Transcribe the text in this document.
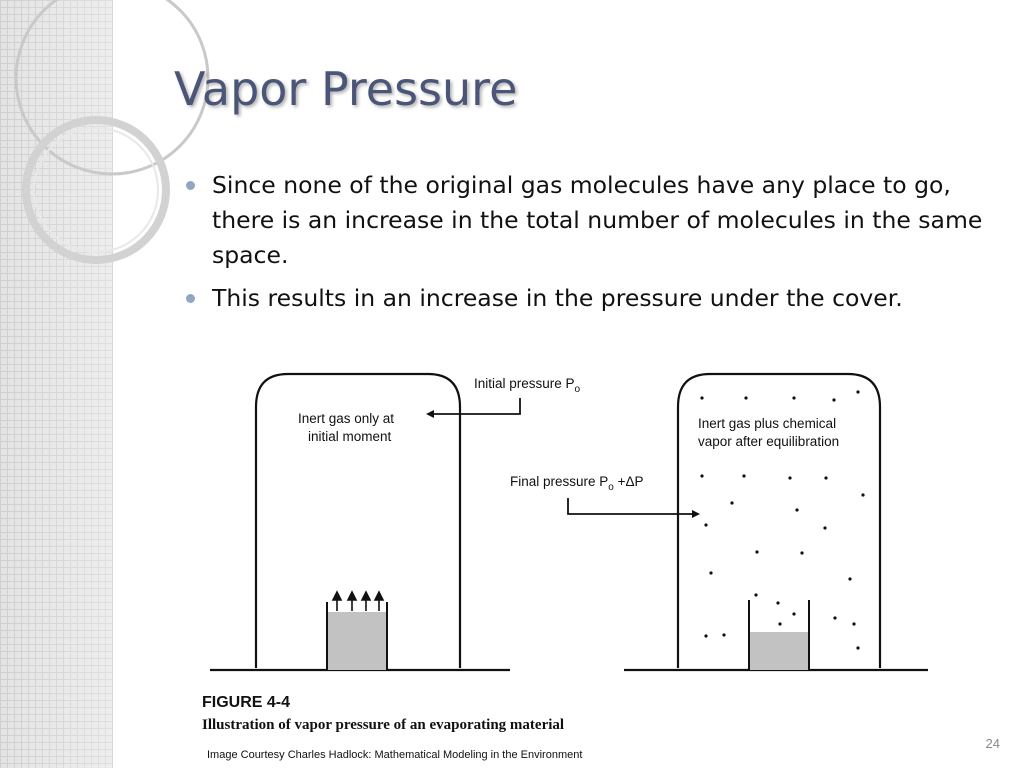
Vapor Pressure
Since none of the original gas molecules have any place to go, there is an increase in the total number of molecules in the same space.
This results in an increase in the pressure under the cover.
Inert gas only at
initial moment
Initial pressure $P_o$
Final pressure $P_o +\Delta P$
Inert gas plus chemical
vapor after equilibration
FIGURE 4-4
Illustration of vapor pressure of an evaporating material
Image Courtesy Charles Hadlock: Mathematical Modeling in the Environment
24
